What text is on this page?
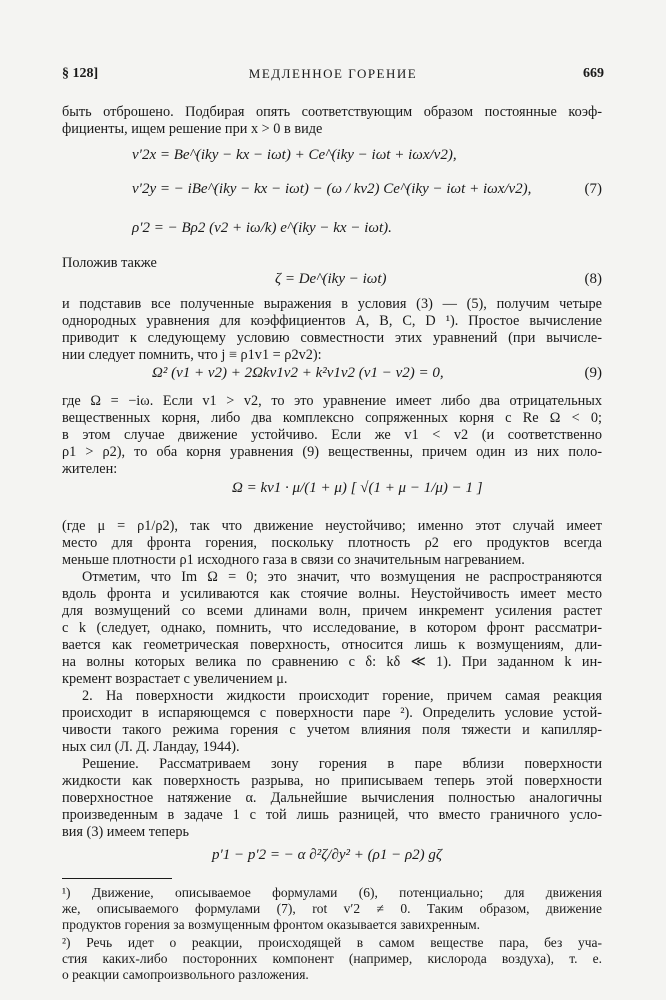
МЕДЛЕННОЕ ГОРЕНИЕ
§ 128]	669
быть отброшено. Подбирая опять соответствующим образом постоянные коэф-
фициенты, ищем решение при x > 0 в виде
v′2x = Be^(iky − kx − iωt) + Ce^(iky − iωt + iωx/v2),
v′2y = − iBe^(iky − kx − iωt) − (ω / kv2) Ce^(iky − iωt + iωx/v2),	(7)
ρ′2 = − Bρ2 (v2 + iω/k) e^(iky − kx − iωt).
Положив также
ζ = De^(iky − iωt)	(8)
и подставив все полученные выражения в условия (3) — (5), получим четыре
однородных уравнения для коэффициентов A, B, C, D ¹). Простое вычисление
приводит к следующему условию совместности этих уравнений (при вычисле-
нии следует помнить, что j ≡ ρ1v1 = ρ2v2):
Ω² (v1 + v2) + 2Ωkv1v2 + k²v1v2 (v1 − v2) = 0,	(9)
где Ω = −iω. Если v1 > v2, то это уравнение имеет либо два отрицательных
вещественных корня, либо два комплексно сопряженных корня с Re Ω < 0;
в этом случае движение устойчиво. Если же v1 < v2 (и соответственно
ρ1 > ρ2), то оба корня уравнения (9) вещественны, причем один из них поло-
жителен:
Ω = kv1 · μ/(1 + μ) [ √(1 + μ − 1/μ) − 1 ]
(где μ = ρ1/ρ2), так что движение неустойчиво; именно этот случай имеет
место для фронта горения, поскольку плотность ρ2 его продуктов всегда
меньше плотности ρ1 исходного газа в связи со значительным нагреванием.
Отметим, что Im Ω = 0; это значит, что возмущения не распространяются
вдоль фронта и усиливаются как стоячие волны. Неустойчивость имеет место
для возмущений со всеми длинами волн, причем инкремент усиления растет
с k (следует, однако, помнить, что исследование, в котором фронт рассматри-
вается как геометрическая поверхность, относится лишь к возмущениям, дли-
на волны которых велика по сравнению с δ: kδ ≪ 1). При заданном k ин-
кремент возрастает с увеличением μ.
2. На поверхности жидкости происходит горение, причем самая реакция
происходит в испаряющемся с поверхности паре ²). Определить условие устой-
чивости такого режима горения с учетом влияния поля тяжести и капилляр-
ных сил (Л. Д. Ландау, 1944).
Решение. Рассматриваем зону горения в паре вблизи поверхности
жидкости как поверхность разрыва, но приписываем теперь этой поверхности
поверхностное натяжение α. Дальнейшие вычисления полностью аналогичны
произведенным в задаче 1 с той лишь разницей, что вместо граничного усло-
вия (3) имеем теперь
p′1 − p′2 = − α ∂²ζ/∂y² + (ρ1 − ρ2) gζ
¹) Движение, описываемое формулами (6), потенциально; для движения
же, описываемого формулами (7), rot v′2 ≠ 0. Таким образом, движение
продуктов горения за возмущенным фронтом оказывается завихренным.
²) Речь идет о реакции, происходящей в самом веществе пара, без уча-
стия каких-либо посторонних компонент (например, кислорода воздуха), т. е.
о реакции самопроизвольного разложения.
